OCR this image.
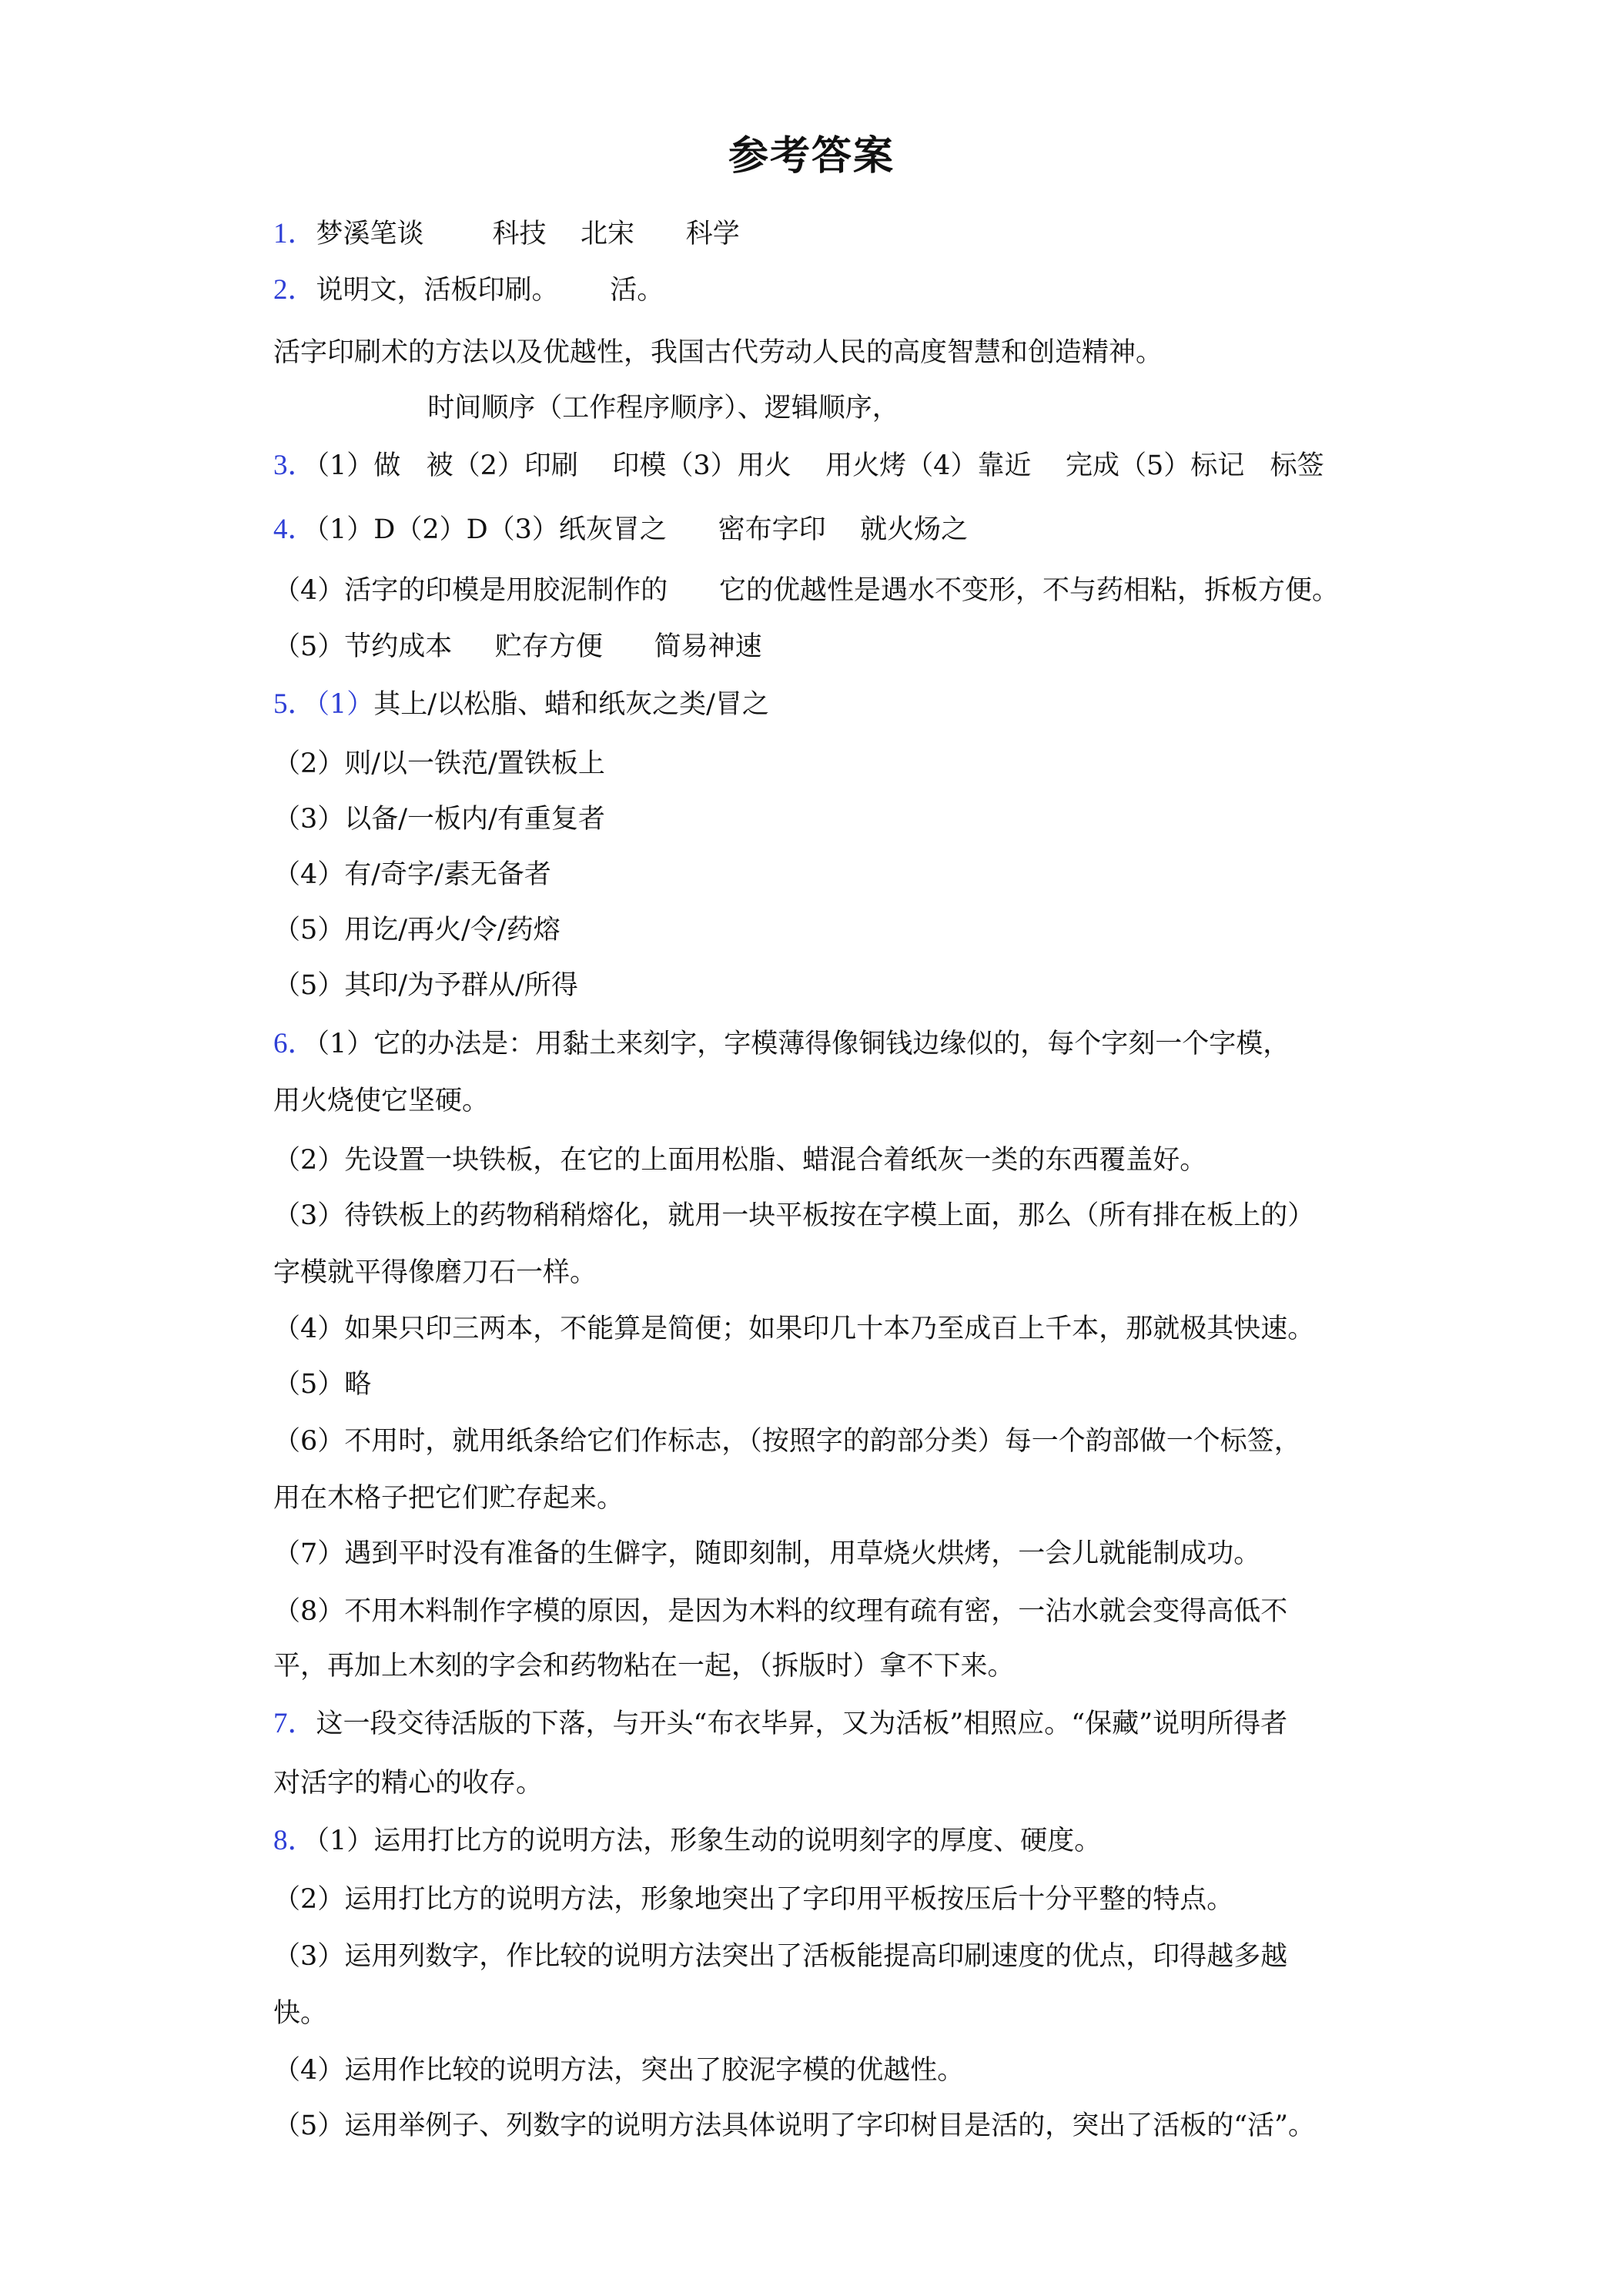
参考答案
1．梦溪笔谈        科技    北宋      科学
2．说明文，活板印刷。      活。
活字印刷术的方法以及优越性，我国古代劳动人民的高度智慧和创造精神。
时间顺序（工作程序顺序）、逻辑顺序，
3．（1）做   被（2）印刷    印模（3）用火    用火烤（4）靠近    完成（5）标记   标签
4．（1）D（2）D（3）纸灰冒之      密布字印    就火炀之
（4）活字的印模是用胶泥制作的      它的优越性是遇水不变形，不与药相粘，拆板方便。
（5）节约成本     贮存方便      简易神速
5．（1）其上/以松脂、蜡和纸灰之类/冒之
（2）则/以一铁范/置铁板上
（3）以备/一板内/有重复者
（4）有/奇字/素无备者
（5）用讫/再火/令/药熔
（5）其印/为予群从/所得
6．（1）它的办法是：用黏土来刻字，字模薄得像铜钱边缘似的，每个字刻一个字模，
用火烧使它坚硬。
（2）先设置一块铁板，在它的上面用松脂、蜡混合着纸灰一类的东西覆盖好。
（3）待铁板上的药物稍稍熔化，就用一块平板按在字模上面，那么（所有排在板上的）
字模就平得像磨刀石一样。
（4）如果只印三两本，不能算是简便；如果印几十本乃至成百上千本，那就极其快速。
（5）略
（6）不用时，就用纸条给它们作标志，（按照字的韵部分类）每一个韵部做一个标签，
用在木格子把它们贮存起来。
（7）遇到平时没有准备的生僻字，随即刻制，用草烧火烘烤，一会儿就能制成功。
（8）不用木料制作字模的原因，是因为木料的纹理有疏有密，一沾水就会变得高低不
平，再加上木刻的字会和药物粘在一起，（拆版时）拿不下来。
7．这一段交待活版的下落，与开头“布衣毕昇，又为活板”相照应。“保藏”说明所得者
对活字的精心的收存。
8．（1）运用打比方的说明方法，形象生动的说明刻字的厚度、硬度。
（2）运用打比方的说明方法，形象地突出了字印用平板按压后十分平整的特点。
（3）运用列数字，作比较的说明方法突出了活板能提高印刷速度的优点，印得越多越
快。
（4）运用作比较的说明方法，突出了胶泥字模的优越性。
（5）运用举例子、列数字的说明方法具体说明了字印树目是活的，突出了活板的“活”。
